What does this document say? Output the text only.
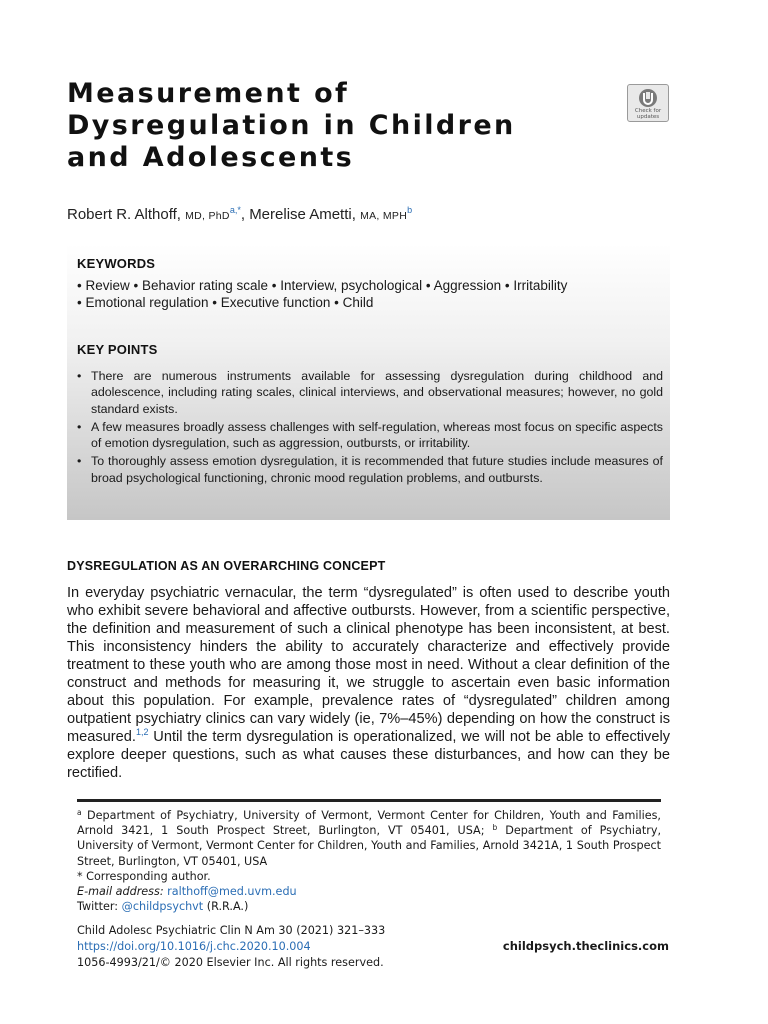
Measurement of
Dysregulation in Children
and Adolescents
Check for
updates
Robert R. Althoff, MD, PhD$^{a,*}$, Merelise Ametti, MA, MPH$^b$
KEYWORDS
• Review • Behavior rating scale • Interview, psychological • Aggression • Irritability
• Emotional regulation • Executive function • Child
KEY POINTS
• There are numerous instruments available for assessing dysregulation during childhood and adolescence, including rating scales, clinical interviews, and observational measures; however, no gold standard exists.
• A few measures broadly assess challenges with self-regulation, whereas most focus on specific aspects of emotion dysregulation, such as aggression, outbursts, or irritability.
• To thoroughly assess emotion dysregulation, it is recommended that future studies include measures of broad psychological functioning, chronic mood regulation problems, and outbursts.
DYSREGULATION AS AN OVERARCHING CONCEPT

In everyday psychiatric vernacular, the term “dysregulated” is often used to describe youth who exhibit severe behavioral and affective outbursts. However, from a scientific perspective, the definition and measurement of such a clinical phenotype has been inconsistent, at best. This inconsistency hinders the ability to accurately characterize and effectively provide treatment to these youth who are among those most in need. Without a clear definition of the construct and methods for measuring it, we struggle to ascertain even basic information about this population. For example, prevalence rates of “dysregulated” children among outpatient psychiatry clinics can vary widely (ie, 7%–45%) depending on how the construct is measured.$^{1,2}$ Until the term dysregulation is operationalized, we will not be able to effectively explore deeper questions, such as what causes these disturbances, and how can they be rectified.

$^a$ Department of Psychiatry, University of Vermont, Vermont Center for Children, Youth and Families, Arnold 3421, 1 South Prospect Street, Burlington, VT 05401, USA; $^b$ Department of Psychiatry, University of Vermont, Vermont Center for Children, Youth and Families, Arnold 3421A, 1 South Prospect Street, Burlington, VT 05401, USA

* Corresponding author.

E-mail address: ralthoff@med.uvm.edu

Twitter: @childpsychvt (R.R.A.)

Child Adolesc Psychiatric Clin N Am 30 (2021) 321–333
https://doi.org/10.1016/j.chc.2020.10.004
1056-4993/21/© 2020 Elsevier Inc. All rights reserved.
childpsych.theclinics.com
